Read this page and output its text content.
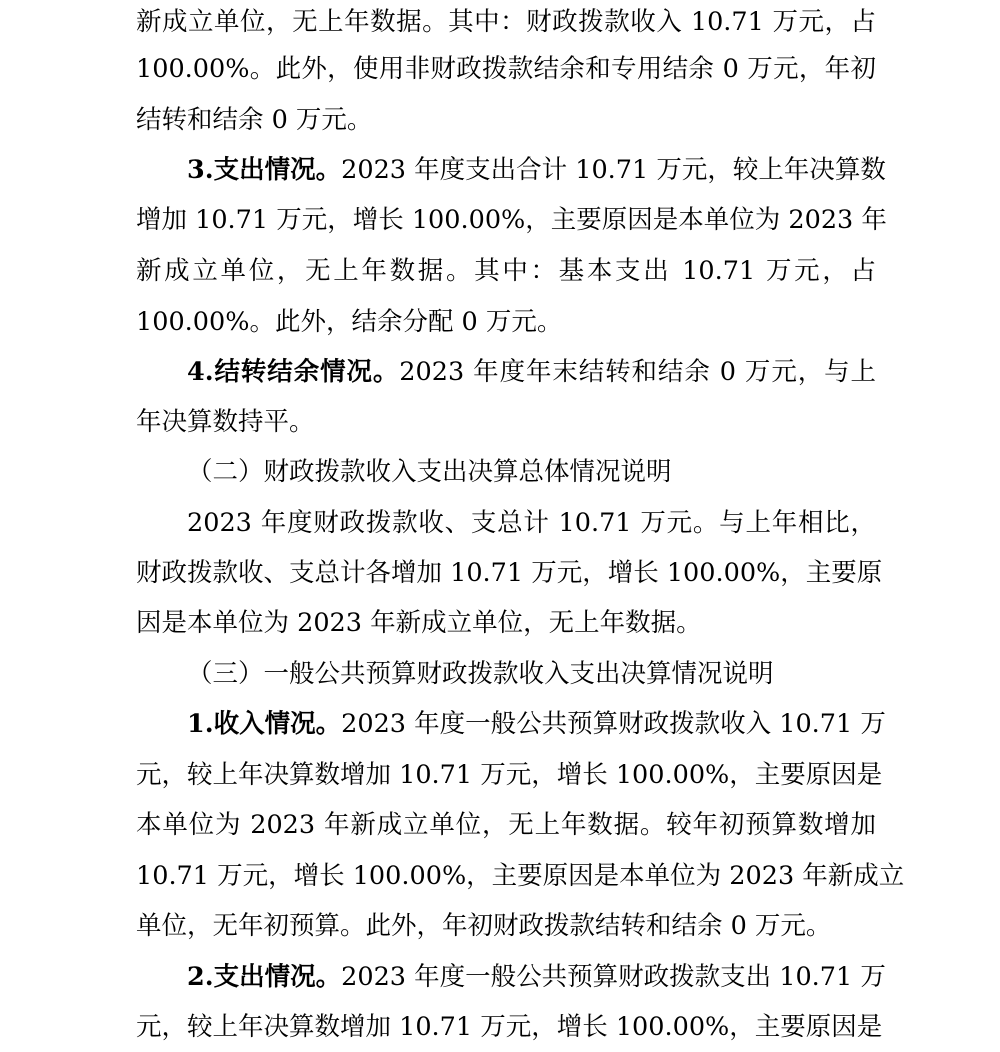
新成立单位，无上年数据。其中：财政拨款收入 10.71 万元，占
100.00%。此外，使用非财政拨款结余和专用结余 0 万元，年初
结转和结余 0 万元。
3.支出情况。2023 年度支出合计 10.71 万元，较上年决算数
增加 10.71 万元，增长 100.00%，主要原因是本单位为 2023 年
新成立单位，无上年数据。其中：基本支出 10.71 万元，占
100.00%。此外，结余分配 0 万元。
4.结转结余情况。2023 年度年末结转和结余 0 万元，与上
年决算数持平。
（二）财政拨款收入支出决算总体情况说明
2023 年度财政拨款收、支总计 10.71 万元。与上年相比，
财政拨款收、支总计各增加 10.71 万元，增长 100.00%，主要原
因是本单位为 2023 年新成立单位，无上年数据。
（三）一般公共预算财政拨款收入支出决算情况说明
1.收入情况。2023 年度一般公共预算财政拨款收入 10.71 万
元，较上年决算数增加 10.71 万元，增长 100.00%，主要原因是
本单位为 2023 年新成立单位，无上年数据。较年初预算数增加
10.71 万元，增长 100.00%，主要原因是本单位为 2023 年新成立
单位，无年初预算。此外，年初财政拨款结转和结余 0 万元。
2.支出情况。2023 年度一般公共预算财政拨款支出 10.71 万
元，较上年决算数增加 10.71 万元，增长 100.00%，主要原因是
